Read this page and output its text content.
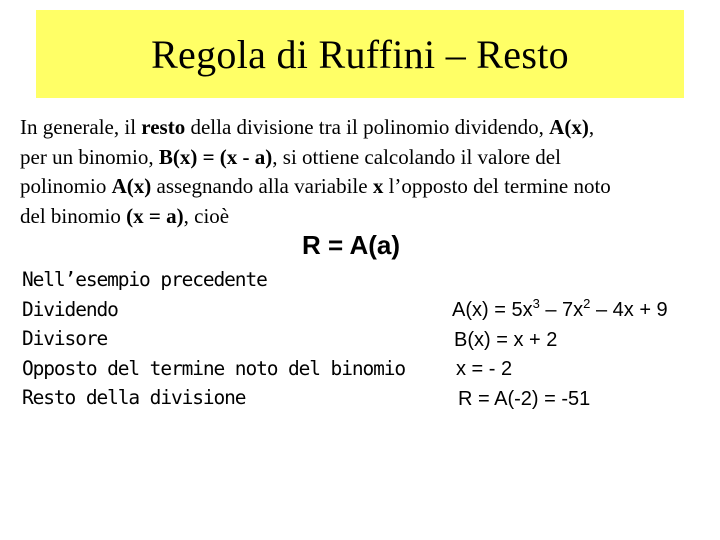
Regola di Ruffini – Resto
In generale, il resto della divisione tra il polinomio dividendo, A(x),
per un binomio, B(x) = (x - a), si ottiene calcolando il valore del
polinomio A(x) assegnando alla variabile x l’opposto del termine noto
del binomio (x = a), cioè
R = A(a)
Nell’esempio precedente
Dividendo
Divisore
Opposto del termine noto del binomio
Resto della divisione
$A(x) = 5x^3 - 7x^2 - 4x + 9$
B(x) = x + 2
x = - 2
R = A(-2) = -51
